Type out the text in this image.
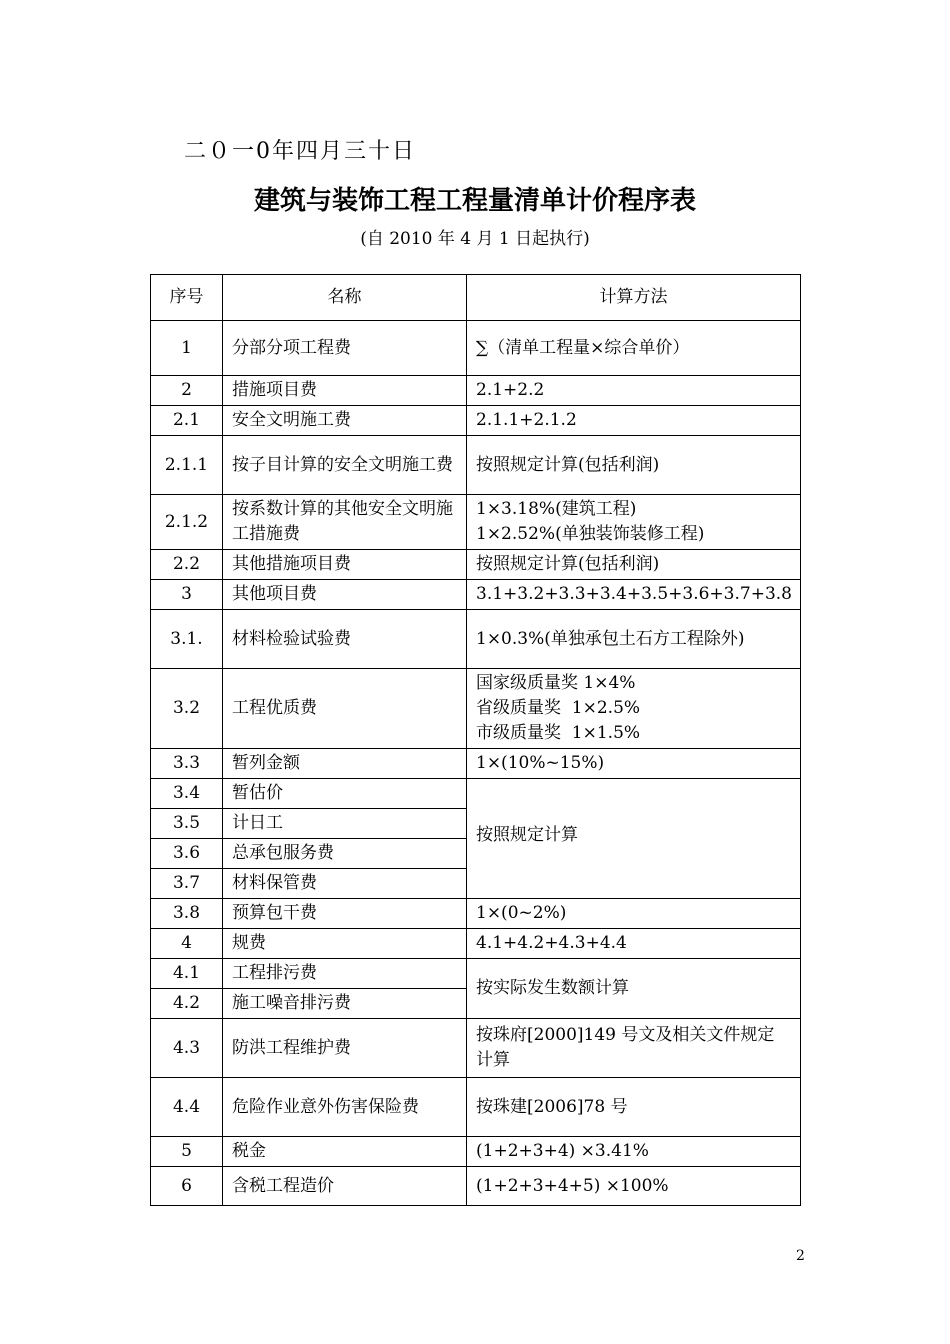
二０一0年四月三十日
建筑与装饰工程工程量清单计价程序表
(自 2010 年 4 月 1 日起执行)
序号	名称	计算方法
1	分部分项工程费	∑（清单工程量×综合单价）
2	措施项目费	2.1+2.2
2.1	安全文明施工费	2.1.1+2.1.2
2.1.1	按子目计算的安全文明施工费	按照规定计算(包括利润)
2.1.2	按系数计算的其他安全文明施工措施费	1×3.18%(建筑工程)
1×2.52%(单独装饰装修工程)

2.2	其他措施项目费	按照规定计算(包括利润)
3	其他项目费	3.1+3.2+3.3+3.4+3.5+3.6+3.7+3.8
3.1.	材料检验试验费	1×0.3%(单独承包土石方工程除外)
3.2	工程优质费	国家级质量奖 1×4%
省级质量奖  1×2.5%
市级质量奖  1×1.5%

3.3	暂列金额	1×(10%~15%)
3.4	暂估价	按照规定计算
3.5	计日工	
3.6	总承包服务费	
3.7	材料保管费	
3.8	预算包干费	1×(0~2%)
4	规费	4.1+4.2+4.3+4.4
4.1	工程排污费	按实际发生数额计算
4.2	施工噪音排污费	
4.3	防洪工程维护费	按珠府[2000]149 号文及相关文件规定计算
4.4	危险作业意外伤害保险费	按珠建[2006]78 号
5	税金	(1+2+3+4) ×3.41%
6	含税工程造价	(1+2+3+4+5) ×100%
2
